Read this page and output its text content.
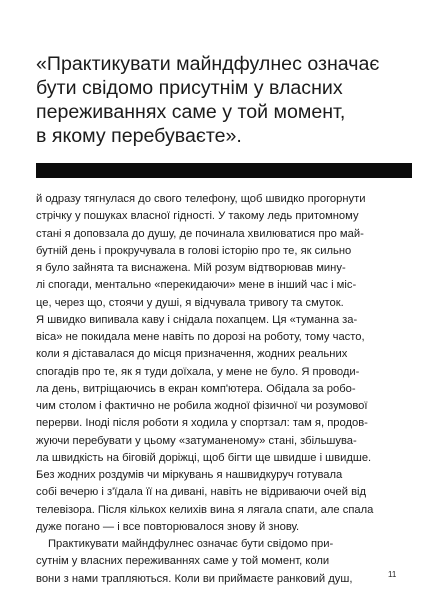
«Практикувати майндфулнес означає
бути свідомо присутнім у власних
переживаннях саме у той момент,
в якому перебуваєте».
й одразу тягнулася до свого телефону, щоб швидко прогорнути
стрічку у пошуках власної гідності. У такому ледь притомному
стані я доповзала до душу, де починала хвилюватися про май-
бутній день і прокручувала в голові історію про те, як сильно
я було зайнята та виснажена. Мій розум відтворював мину-
лі спогади, ментально «перекидаючи» мене в інший час і міс-
це, через що, стоячи у душі, я відчувала тривогу та смуток.
Я швидко випивала каву і снідала похапцем. Ця «туманна за-
віса» не покидала мене навіть по дорозі на роботу, тому часто,
коли я діставалася до місця призначення, жодних реальних
спогадів про те, як я туди доїхала, у мене не було. Я проводи-
ла день, витріщаючись в екран комп'ютера. Обідала за робо-
чим столом і фактично не робила жодної фізичної чи розумової
перерви. Іноді після роботи я ходила у спортзал: там я, продов-
жуючи перебувати у цьому «затуманеному» стані, збільшува-
ла швидкість на біговій доріжці, щоб бігти ще швидше і швидше.
Без жодних роздумів чи міркувань я нашвидкуруч готувала
собі вечерю і з'їдала її на дивані, навіть не відриваючи очей від
телевізора. Після кількох келихів вина я лягала спати, але спала
дуже погано — і все повторювалося знову й знову.
Практикувати майндфулнес означає бути свідомо при-
сутнім у власних переживаннях саме у той момент, коли
вони з нами трапляються. Коли ви приймаєте ранковий душ,	11
